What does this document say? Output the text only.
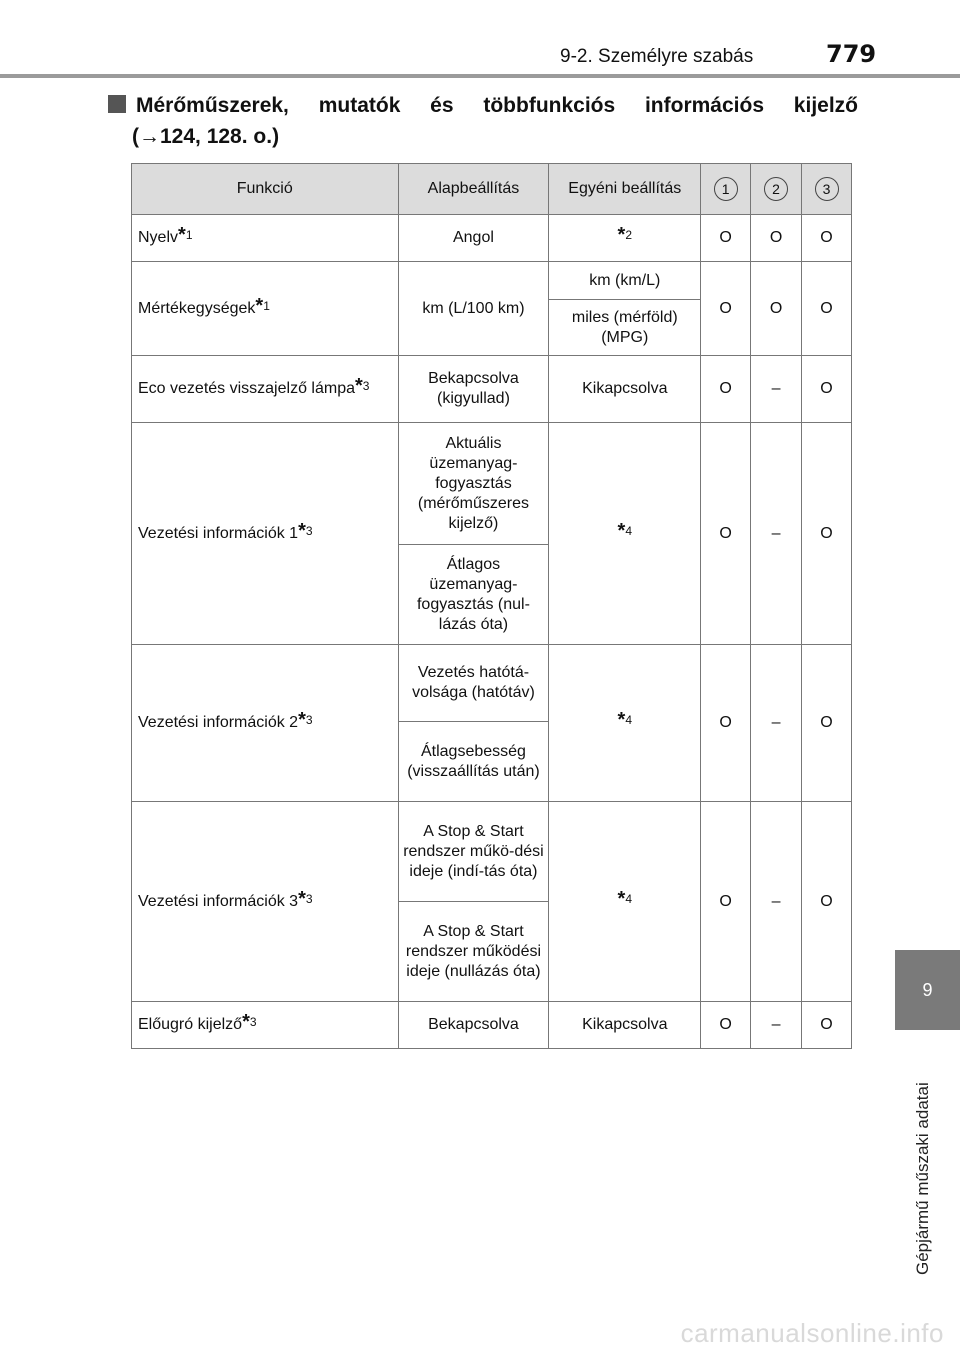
9-2. Személyre szabás	779
Mérőműszerek, mutatók és többfunkciós információs kijelző
(→124, 128. o.)
Funkció	Alapbeállítás	Egyéni beállítás	1	2	3
Nyelv$^{*1}$	Angol	$^{*2}$	O	O	O
Mértékegységek$^{*1}$	km (L/100 km)	km (km/L)	O	O	O
		miles (mérföld) (MPG)			
Eco vezetés visszajelző lámpa$^{*3}$	Bekapcsolva (kigyullad)	Kikapcsolva	O	–	O
Vezetési információk 1$^{*3}$	Aktuális üzemanyag-fogyasztás (mérőműszeres kijelző)	$^{*4}$	O	–	O
	Átlagos üzemanyag-fogyasztás (nul-lázás óta)				
Vezetési információk 2$^{*3}$	Vezetés hatótá-volsága (hatótáv)	$^{*4}$	O	–	O
	Átlagsebesség (visszaállítás után)				
Vezetési információk 3$^{*3}$	A Stop & Start rendszer műkö-dési ideje (indí-tás óta)	$^{*4}$	O	–	O
	A Stop & Start rendszer működési ideje (nullázás óta)				
Előugró kijelző$^{*3}$	Bekapcsolva	Kikapcsolva	O	–	O
9
Gépjármű műszaki adatai
carmanualsonline.info
